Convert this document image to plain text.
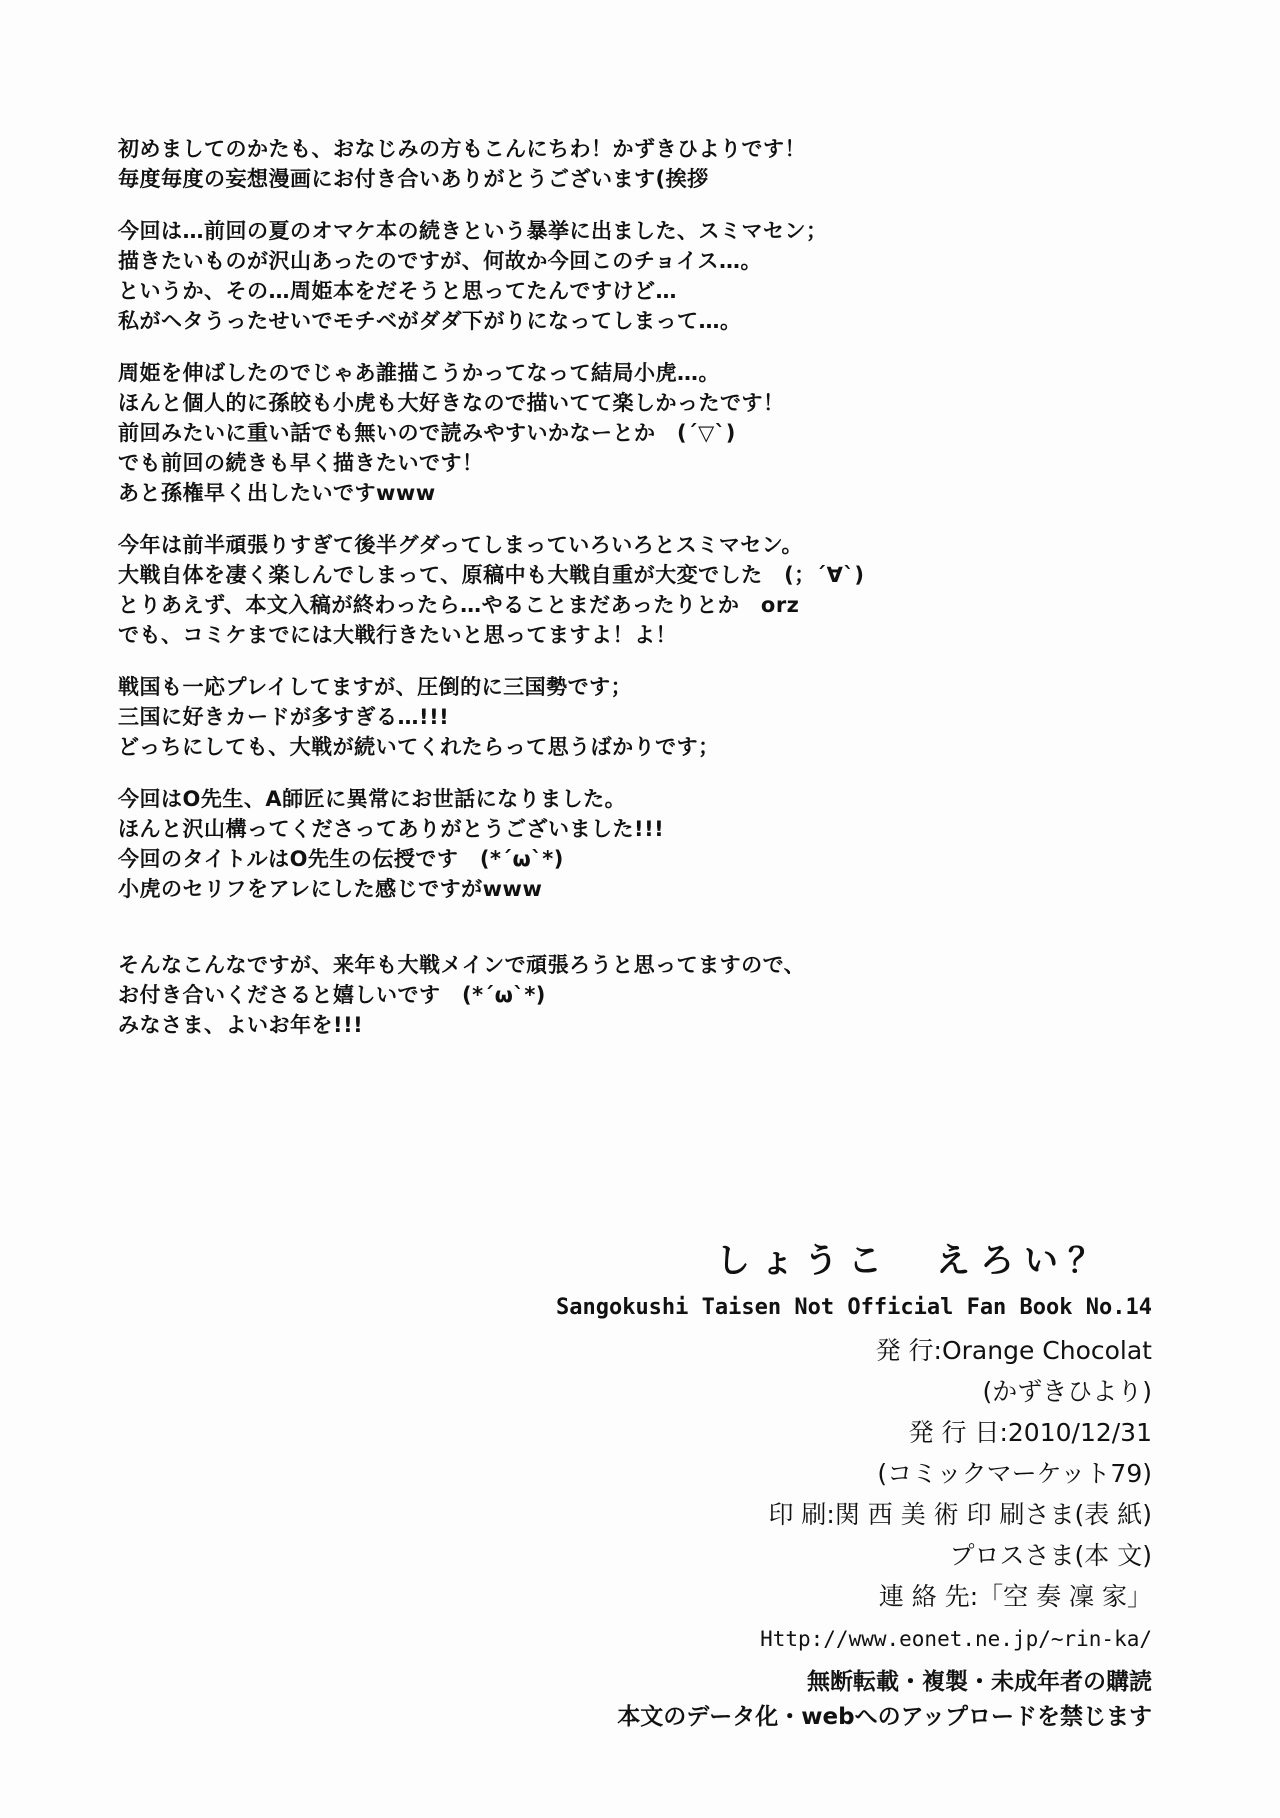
初めましてのかたも、おなじみの方もこんにちわ！かずきひよりです！
毎度毎度の妄想漫画にお付き合いありがとうございます(挨拶
今回は…前回の夏のオマケ本の続きという暴挙に出ました、スミマセン；
描きたいものが沢山あったのですが、何故か今回このチョイス…。
というか、その…周姫本をだそうと思ってたんですけど…
私がヘタうったせいでモチベがダダ下がりになってしまって…。
周姫を伸ばしたのでじゃあ誰描こうかってなって結局小虎…。
ほんと個人的に孫皎も小虎も大好きなので描いてて楽しかったです！
前回みたいに重い話でも無いので読みやすいかなーとか　(´▽`)
でも前回の続きも早く描きたいです！
あと孫権早く出したいですwww
今年は前半頑張りすぎて後半グダってしまっていろいろとスミマセン。
大戦自体を凄く楽しんでしまって、原稿中も大戦自重が大変でした　(；´∀`)
とりあえず、本文入稿が終わったら…やることまだあったりとか　orz
でも、コミケまでには大戦行きたいと思ってますよ！よ！
戦国も一応プレイしてますが、圧倒的に三国勢です；
三国に好きカードが多すぎる…!!!
どっちにしても、大戦が続いてくれたらって思うばかりです；
今回はO先生、A師匠に異常にお世話になりました。
ほんと沢山構ってくださってありがとうございました!!!
今回のタイトルはO先生の伝授です　(*´ω`*)
小虎のセリフをアレにした感じですがwww
そんなこんなですが、来年も大戦メインで頑張ろうと思ってますので、
お付き合いくださると嬉しいです　(*´ω`*)
みなさま、よいお年を!!!
しょうこ　えろい？
Sangokushi Taisen Not Official Fan Book No.14
発 行:Orange Chocolat
(かずきひより)
発 行 日:2010/12/31
(コミックマーケット79)
印 刷:関 西 美 術 印 刷さま(表 紙)
プロスさま(本 文)
連 絡 先:「空 奏 凜 家」
Http://www.eonet.ne.jp/~rin-ka/
無断転載・複製・未成年者の購読
本文のデータ化・webへのアップロードを禁じます
